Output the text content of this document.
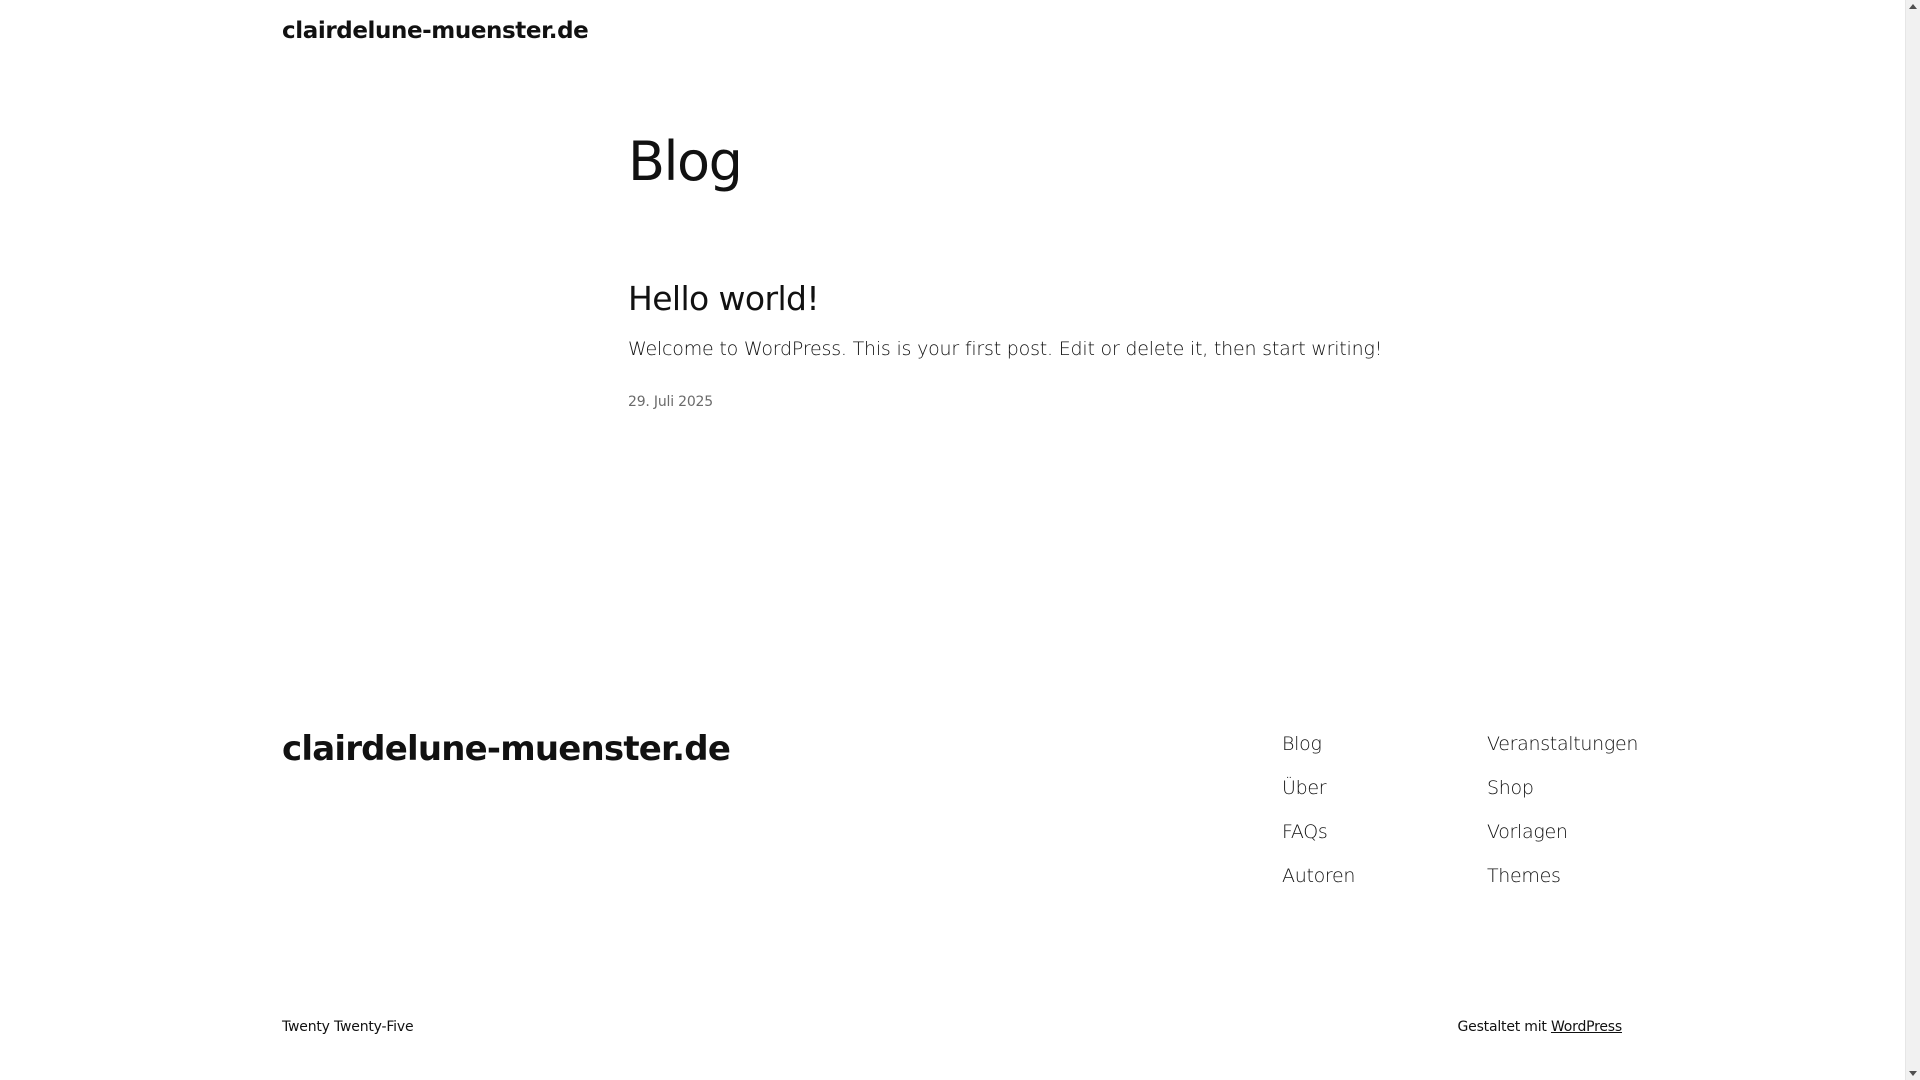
clairdelune-muenster.de
Blog
Hello world!

Welcome to WordPress. This is your first post. Edit or delete it, then start writing!

29. Juli 2025
clairdelune-muenster.de	Blog
Über
FAQs
Autoren
Veranstaltungen
Shop
Vorlagen
Themes
Twenty Twenty-Five	Gestaltet mit WordPress
